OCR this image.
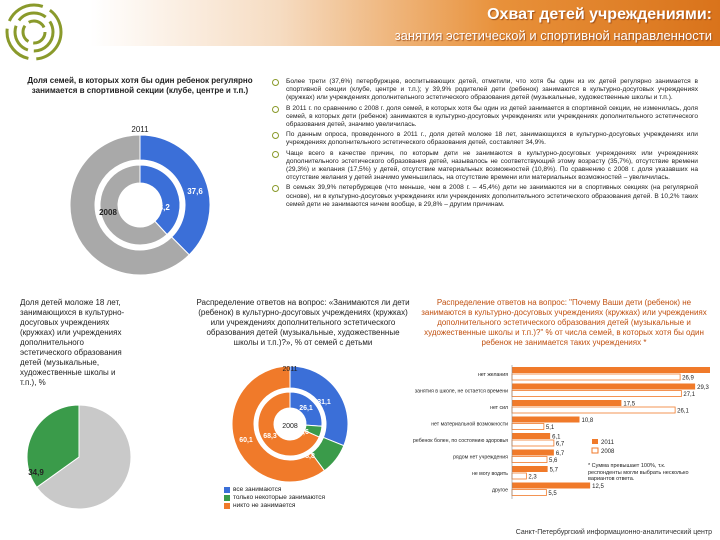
Охват детей учреждениями:
занятия эстетической и спортивной направленности
Доля семей, в которых хотя бы один ребенок регулярно занимается в спортивной секции (клубе, центре и т.п.)
2011
2008
37,6
38,2
Более трети (37,6%) петербуржцев, воспитывающих детей, отметили, что хотя бы один из их детей регулярно занимается в спортивной секции (клубе, центре и т.п.); у 39,9% родителей дети (ребенок) занимаются в культурно-досуговых учреждениях (кружках) или учреждениях дополнительного эстетического образования детей (музыкальные, художественные школы и т.п.).
В 2011 г. по сравнению с 2008 г. доля семей, в которых хотя бы один из детей занимается в спортивной секции, не изменилась, доля семей, в которых дети (ребенок) занимаются в культурно-досуговых учреждениях или учреждениях дополнительного эстетического образования детей, значимо увеличилась.
По данным опроса, проведенного в 2011 г., доля детей моложе 18 лет, занимающихся в культурно-досуговых учреждениях или учреждениях дополнительного эстетического образования детей, составляет 34,9%.
Чаще всего в качестве причин, по которым дети не занимаются в культурно-досуговых учреждениях или учреждениях дополнительного эстетического образования детей, называлось не соответствующий этому возрасту (35,7%), отсутствие времени (29,3%) и желания (17,5%) у детей, отсутствие материальных возможностей (10,8%). По сравнению с 2008 г. доля указавших на отсутствие желания у детей значимо уменьшилась, на отсутствие времени или материальных возможностей – увеличилась.
В семьях 39,9% петербуржцев (что меньше, чем в 2008 г. – 45,4%) дети не занимаются ни в спортивных секциях (на регулярной основе), ни в культурно-досуговых учреждениях или учреждениях дополнительного эстетического образования детей. В 10,2% таких семей дети не занимаются ничем вообще, в 29,8% – другим причинам.
Доля детей моложе 18 лет, занимающихся в культурно-досуговых учреждениях (кружках) или учреждениях дополнительного эстетического образования детей (музыкальные, художественные школы и т.п.), %
34,9
Распределение ответов на вопрос: «Занимаются ли дети (ребенок) в культурно-досуговых учреждениях (кружках) или учреждениях дополнительного эстетического образования детей (музыкальные, художественные школы и т.п.)?», % от семей с детьми
2011
2008
31,1
8,8
60,1
26,1
5,6
68,3
все занимаются
только некоторые занимаются
никто не занимается
Распределение ответов на вопрос: "Почему Ваши дети (ребенок) не занимаются в культурно-досуговых учреждениях (кружках) или учреждениях дополнительного эстетического образования детей (музыкальные и художественные школы и т.п.)?" % от числа семей, в которых хотя бы один ребенок не занимается таких учреждениях *
нет желания
26,9
занятия в школе, не остается времени
29,3
27,1
нет сил
17,5
26,1
нет материальной возможности
10,8
5,1
ребенок болен, по состоянию здоровья
6,1
6,7
рядом нет учреждения
6,7
5,6
не могу водить
5,7
2,3
другое
12,5
5,5
2011
2008
* Сумма превышает 100%, т.к. респонденты могли выбрать несколько вариантов ответа.
Санкт-Петербургский информационно-аналитический центр
